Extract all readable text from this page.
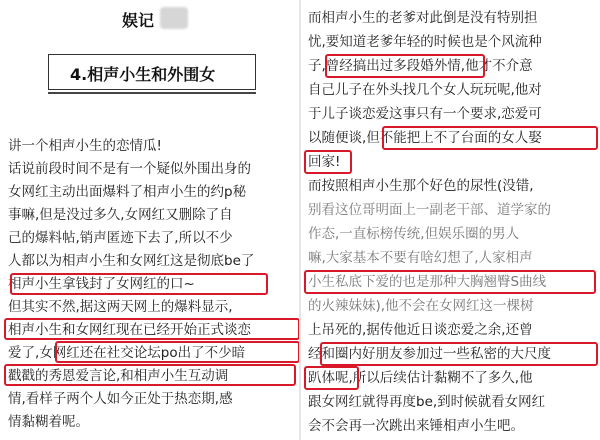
娱记
4.相声小生和外围女
讲一个相声小生的恋情瓜!
话说前段时间不是有一个疑似外围出身的
女网红主动出面爆料了相声小生的约p秘
事嘛,但是没过多久,女网红又删除了自
己的爆料帖,销声匿迹下去了,所以不少
人都以为相声小生和女网红这是彻底be了
相声小生拿钱封了女网红的口~
但其实不然,据这两天网上的爆料显示,
相声小生和女网红现在已经开始正式谈恋
爱了,女网红还在社交论坛po出了不少暗
戳戳的秀恩爱言论,和相声小生互动调
情,看样子两个人如今正处于热恋期,感
情黏糊着呢。
而相声小生的老爹对此倒是没有特别担
忧,要知道老爹年轻的时候也是个风流种
子,曾经搞出过多段婚外情,他才不介意
自己儿子在外头找几个女人玩玩呢,他对
于儿子谈恋爱这事只有一个要求,恋爱可
以随便谈,但不能把上不了台面的女人娶
回家!
而按照相声小生那个好色的尿性(没错,
别看这位哥明面上一副老干部、道学家的
作态,一直标榜传统,但娱乐圈的男人
嘛,大家基本不要有啥幻想了,人家相声
小生私底下爱的也是那种大胸翘臀S曲线
的火辣妹妹),他不会在女网红这一棵树
上吊死的,据传他近日谈恋爱之余,还曾
经和圈内好朋友参加过一些私密的大尺度
趴体呢,所以后续估计黏糊不了多久,他
跟女网红就得再度be,到时候就看女网红
会不会再一次跳出来锤相声小生吧。
